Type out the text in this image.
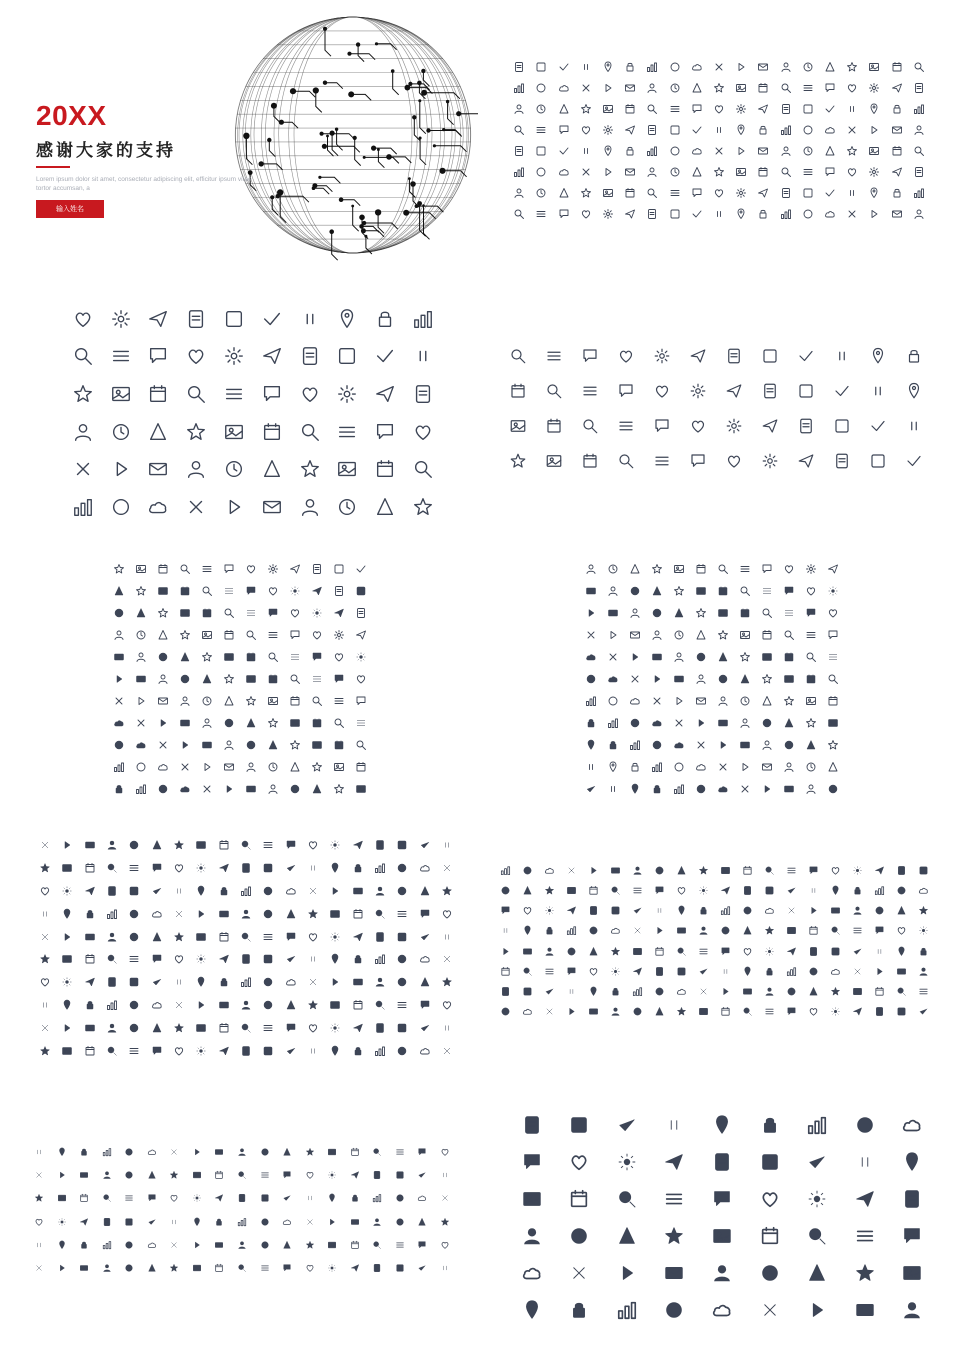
20XX
感谢大家的支持
Lorem ipsum dolor sit amet, consectetur adipiscing elit, efficitur ipsum vitae tortor accumsan, a
输入姓名
